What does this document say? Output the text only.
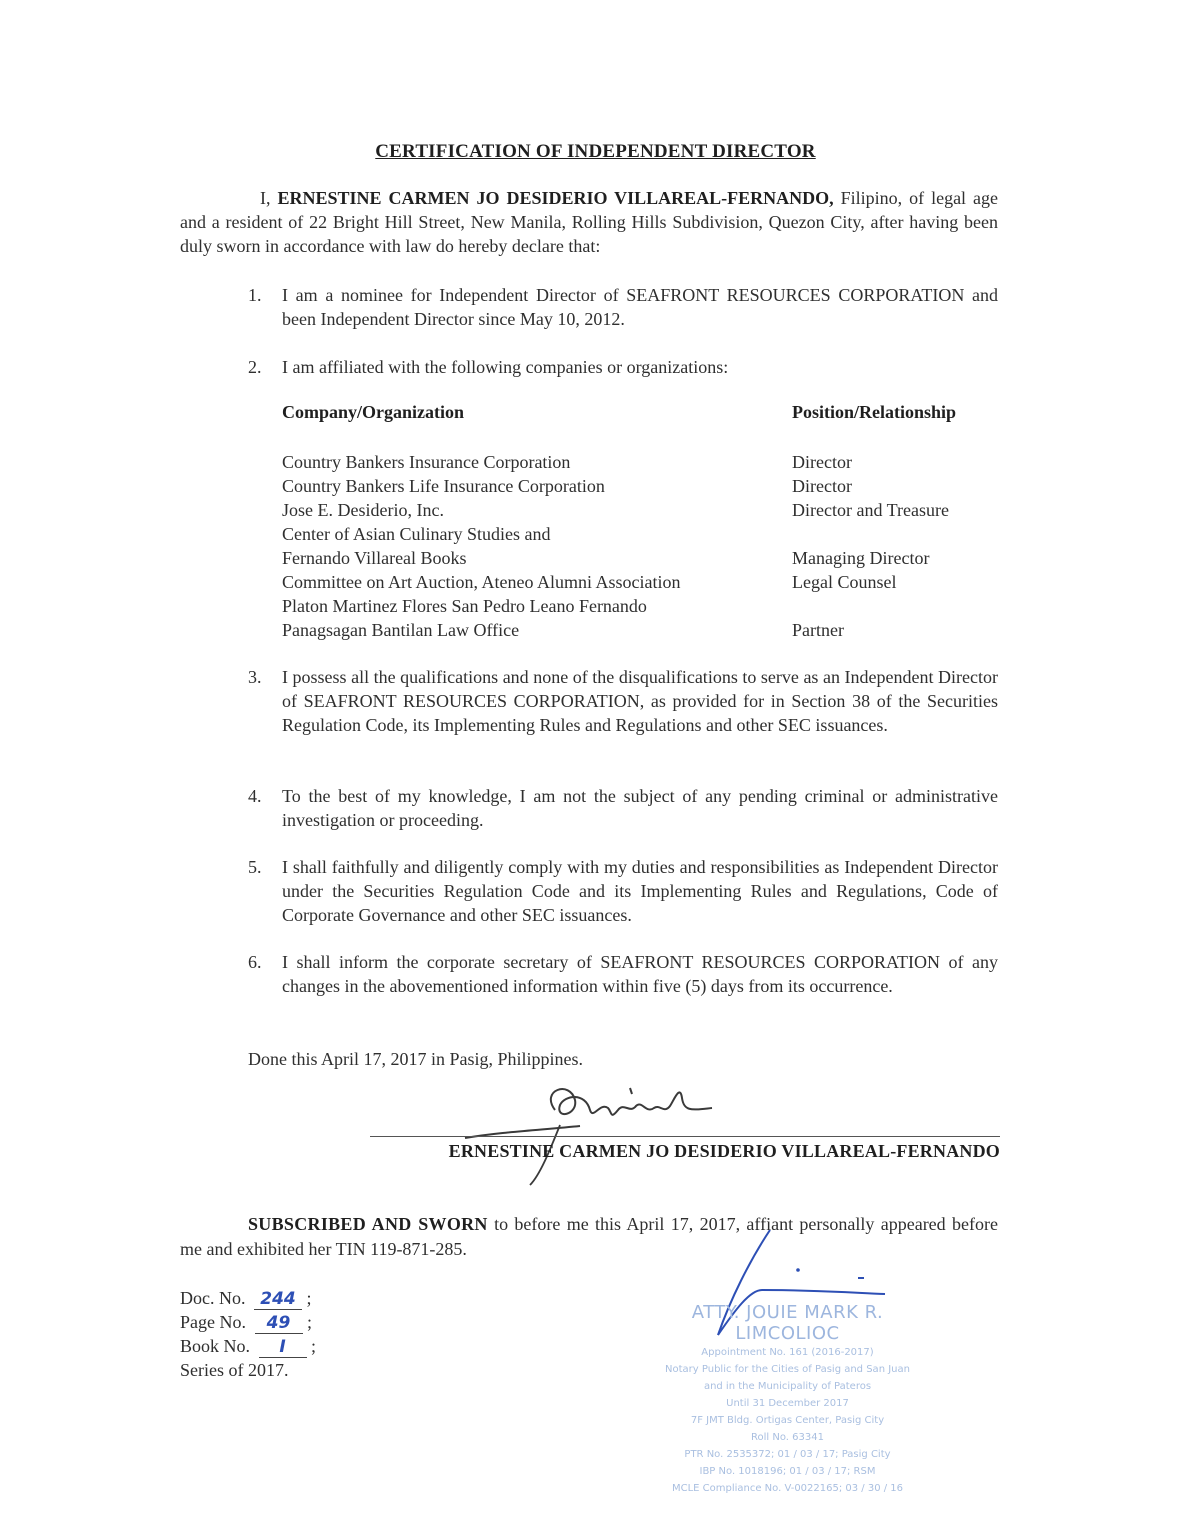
CERTIFICATION OF INDEPENDENT DIRECTOR
I, ERNESTINE CARMEN JO DESIDERIO VILLAREAL-FERNANDO, Filipino, of legal age and a resident of 22 Bright Hill Street, New Manila, Rolling Hills Subdivision, Quezon City, after having been duly sworn in accordance with law do hereby declare that:
1.	I am a nominee for Independent Director of SEAFRONT RESOURCES CORPORATION and been Independent Director since May 10, 2012.
2.	I am affiliated with the following companies or organizations:
Company/Organization	Position/Relationship
Country Bankers Insurance Corporation	Director
Country Bankers Life Insurance Corporation	Director
Jose E. Desiderio, Inc.	Director and Treasure
Center of Asian Culinary Studies and Fernando Villareal Books	Managing Director
Committee on Art Auction, Ateneo Alumni Association	Legal Counsel
Platon Martinez Flores San Pedro Leano Fernando Panagsagan Bantilan Law Office	Partner
3.	I possess all the qualifications and none of the disqualifications to serve as an Independent Director of SEAFRONT RESOURCES CORPORATION, as provided for in Section 38 of the Securities Regulation Code, its Implementing Rules and Regulations and other SEC issuances.
4.	To the best of my knowledge, I am not the subject of any pending criminal or administrative investigation or proceeding.
5.	I shall faithfully and diligently comply with my duties and responsibilities as Independent Director under the Securities Regulation Code and its Implementing Rules and Regulations, Code of Corporate Governance and other SEC issuances.
6.	I shall inform the corporate secretary of SEAFRONT RESOURCES CORPORATION of any changes in the abovementioned information within five (5) days from its occurrence.
Done this April 17, 2017 in Pasig, Philippines.
ERNESTINE CARMEN JO DESIDERIO VILLAREAL-FERNANDO
SUBSCRIBED AND SWORN to before me this April 17, 2017, affiant personally appeared before me and exhibited her TIN 119-871-285.
Doc. No. 244 ;
Page No. 49 ;
Book No. I ;
Series of 2017.
ATTY. JOUIE MARK R. LIMCOLIOC
Appointment No. 161 (2016-2017)
Notary Public for the Cities of Pasig and San Juan
and in the Municipality of Pateros
Until 31 December 2017
7F JMT Bldg. Ortigas Center, Pasig City
Roll No. 63341
PTR No. 2535372; 01 / 03 / 17; Pasig City
IBP No. 1018196; 01 / 03 / 17; RSM
MCLE Compliance No. V-0022165; 03 / 30 / 16
